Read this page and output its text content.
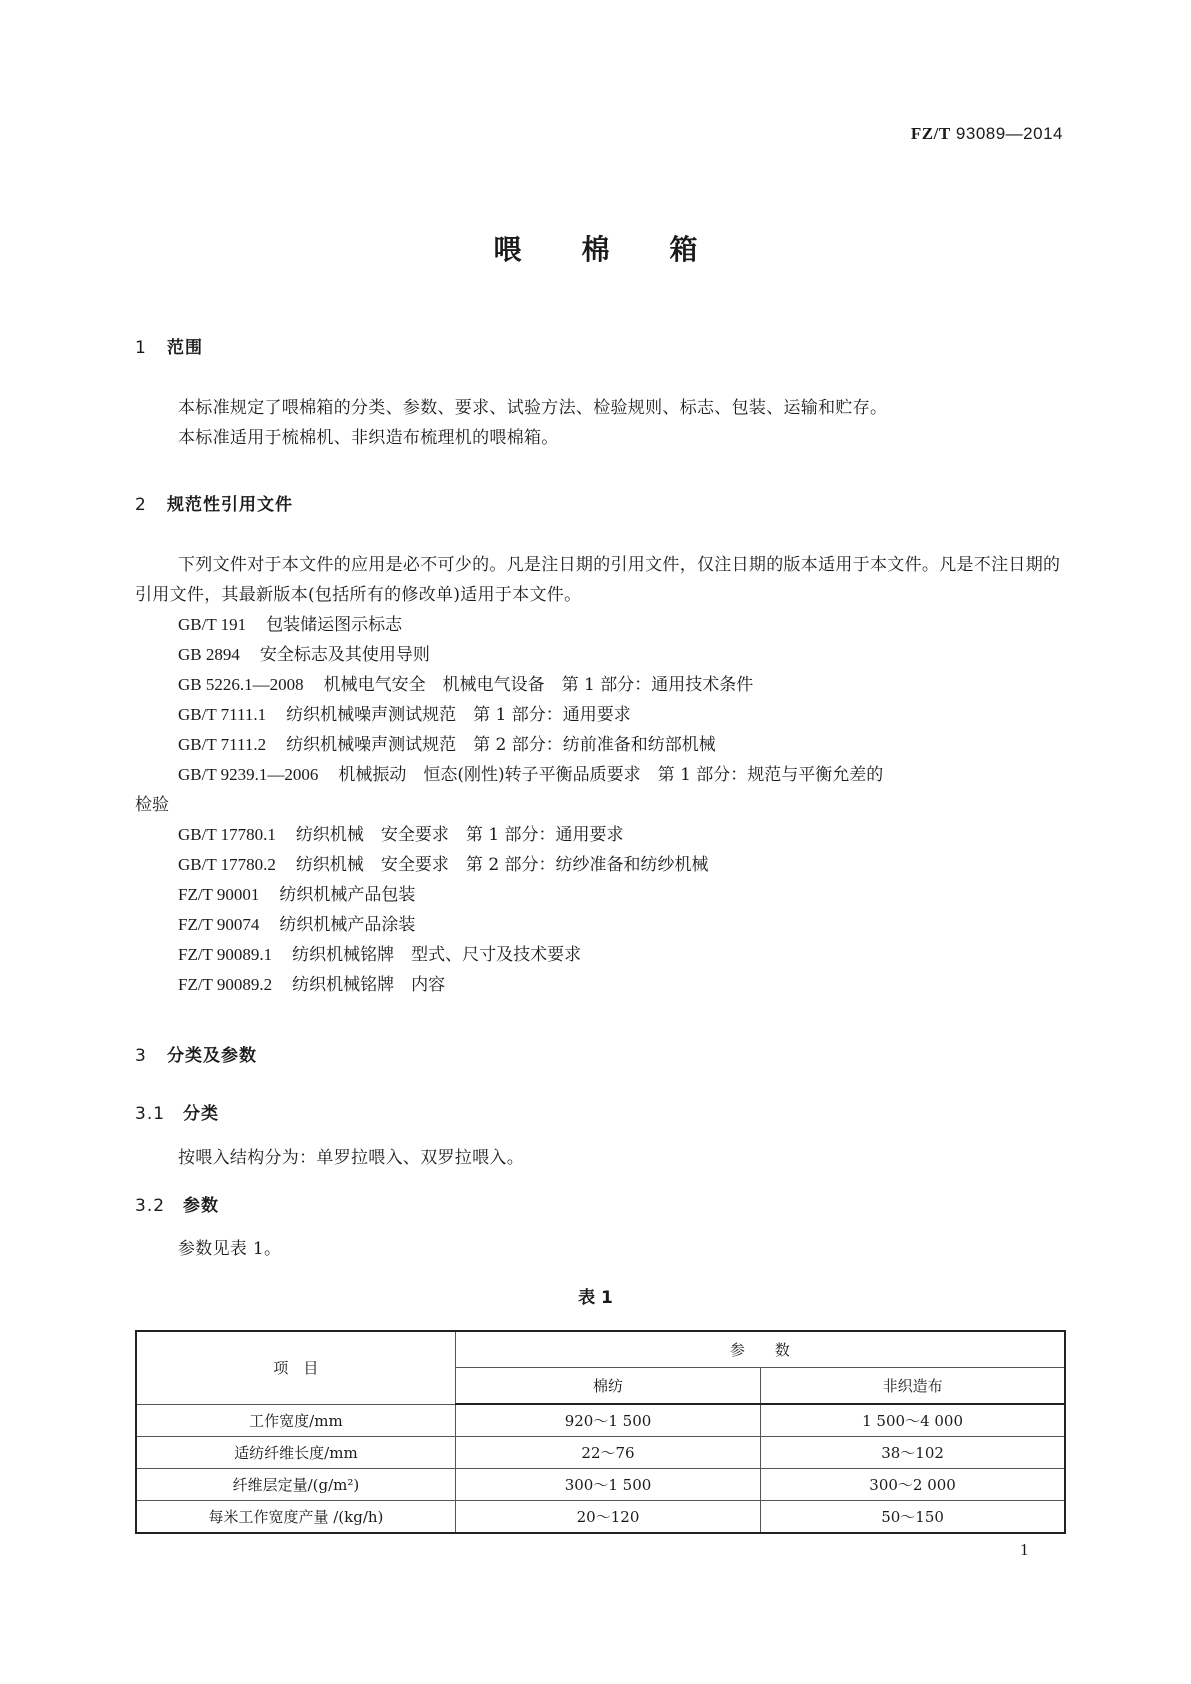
FZ/T 93089—2014
喂 棉 箱
1 范围
本标准规定了喂棉箱的分类、参数、要求、试验方法、检验规则、标志、包装、运输和贮存。
本标准适用于梳棉机、非织造布梳理机的喂棉箱。
2 规范性引用文件
下列文件对于本文件的应用是必不可少的。凡是注日期的引用文件，仅注日期的版本适用于本文件。凡是不注日期的引用文件，其最新版本(包括所有的修改单)适用于本文件。
GB/T 191 包装储运图示标志
GB 2894 安全标志及其使用导则
GB 5226.1—2008 机械电气安全　机械电气设备　第 1 部分：通用技术条件
GB/T 7111.1 纺织机械噪声测试规范　第 1 部分：通用要求
GB/T 7111.2 纺织机械噪声测试规范　第 2 部分：纺前准备和纺部机械
GB/T 9239.1—2006 机械振动　恒态(刚性)转子平衡品质要求　第 1 部分：规范与平衡允差的
检验
GB/T 17780.1 纺织机械　安全要求　第 1 部分：通用要求
GB/T 17780.2 纺织机械　安全要求　第 2 部分：纺纱准备和纺纱机械
FZ/T 90001 纺织机械产品包装
FZ/T 90074 纺织机械产品涂装
FZ/T 90089.1 纺织机械铭牌　型式、尺寸及技术要求
FZ/T 90089.2 纺织机械铭牌　内容
3 分类及参数
3.1 分类
按喂入结构分为：单罗拉喂入、双罗拉喂入。
3.2 参数
参数见表 1。
表 1
项　目	参　　数	
	棉纺	非织造布
工作宽度/mm	920～1 500	1 500～4 000
适纺纤维长度/mm	22～76	38～102
纤维层定量/(g/m²)	300～1 500	300～2 000
每米工作宽度产量 /(kg/h)	20～120	50～150
1
